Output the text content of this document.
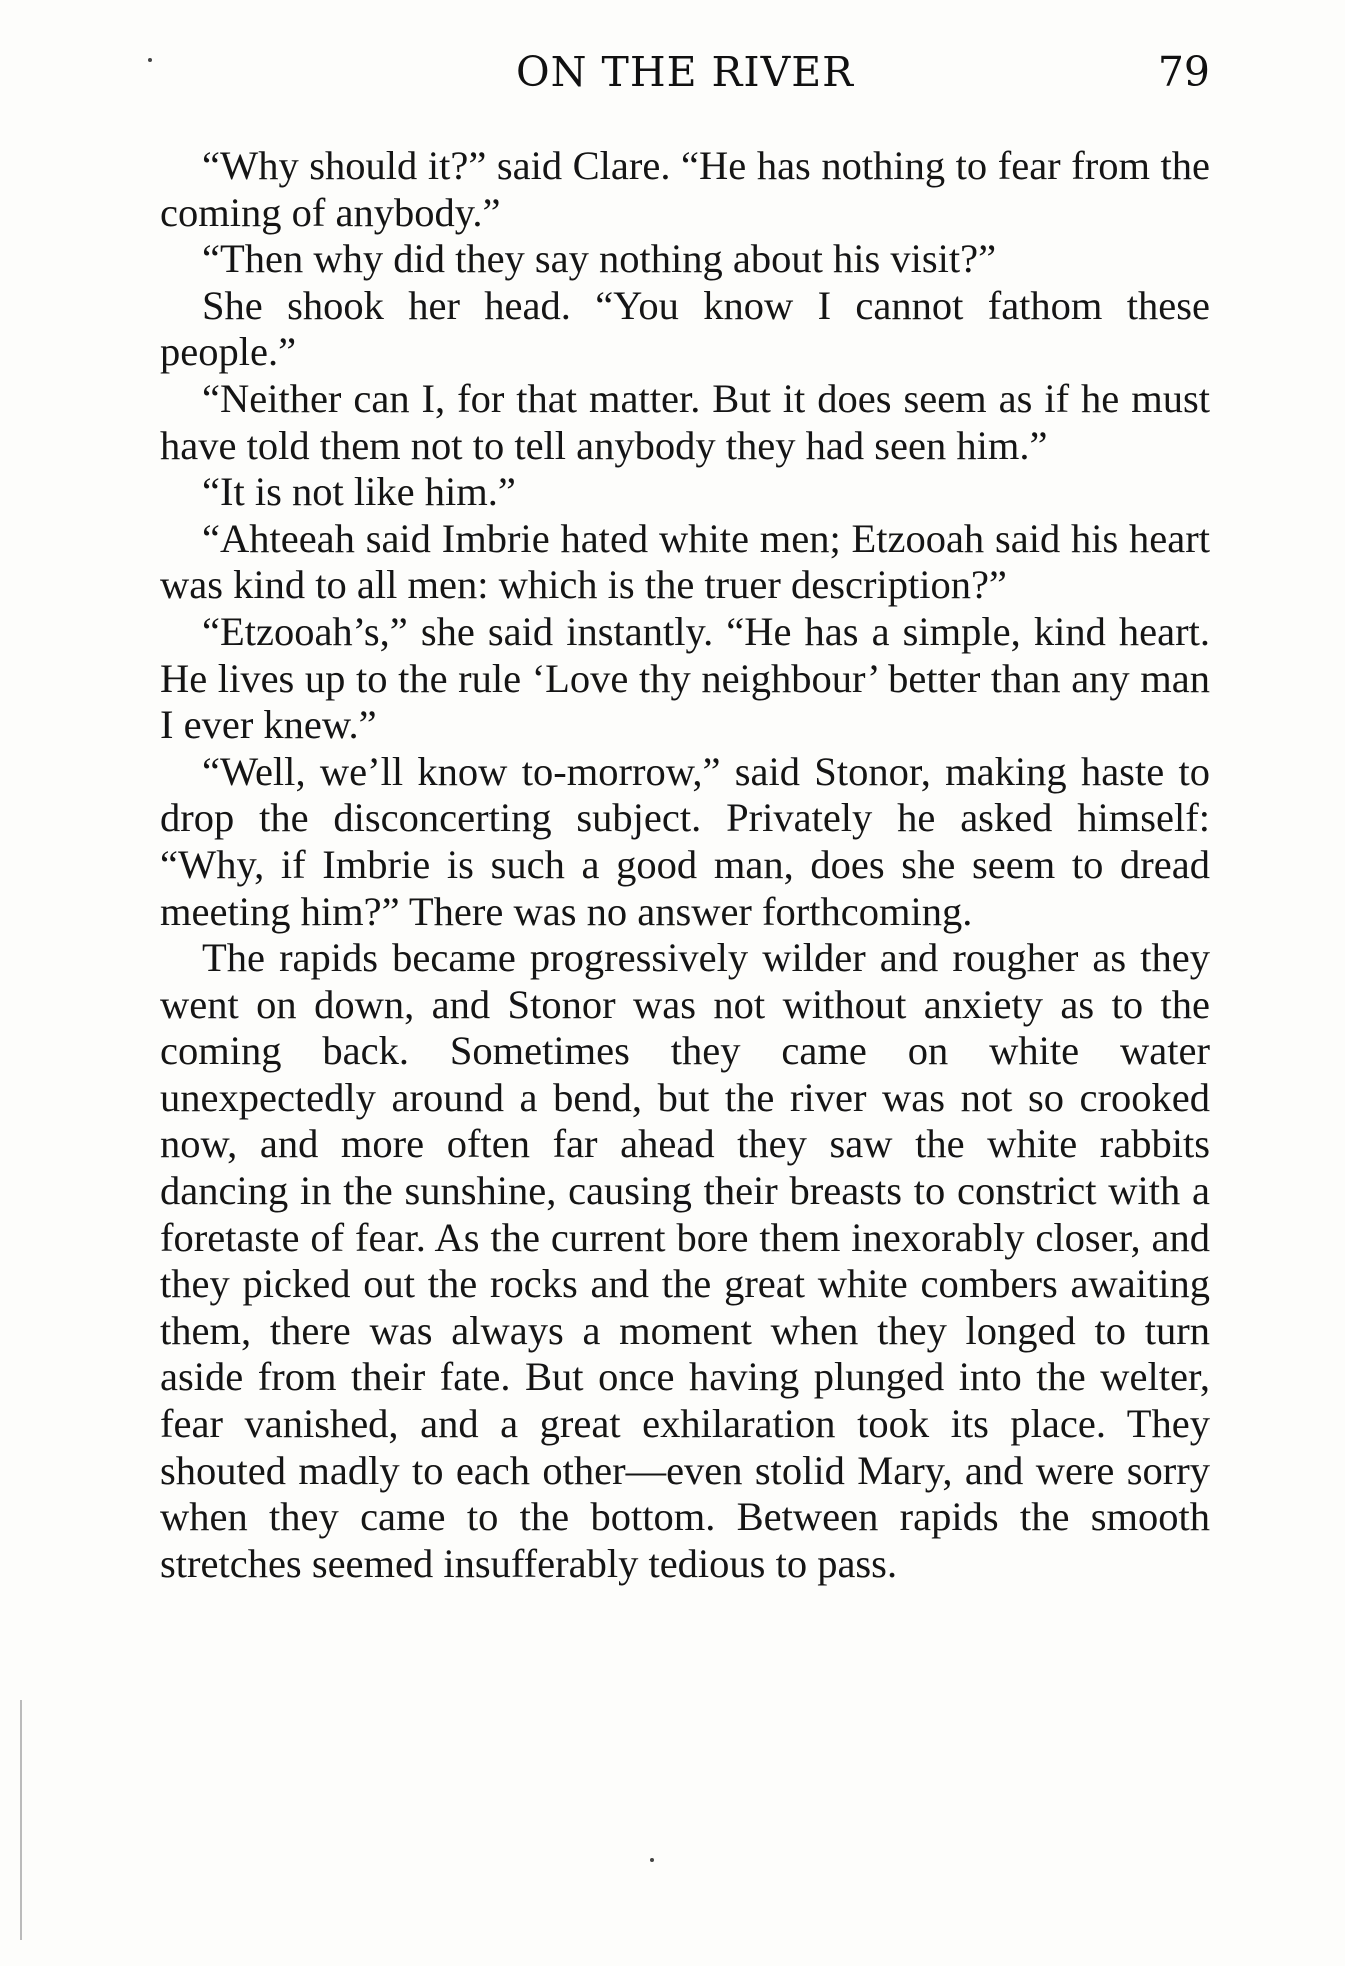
ON THE RIVER	79

“Why should it?” said Clare. “He has nothing to fear from the coming of anybody.”

“Then why did they say nothing about his visit?”

She shook her head. “You know I cannot fathom these people.”

“Neither can I, for that matter. But it does seem as if he must have told them not to tell anybody they had seen him.”

“It is not like him.”

“Ahteeah said Imbrie hated white men; Etzooah said his heart was kind to all men: which is the truer description?”

“Etzooah’s,” she said instantly. “He has a simple, kind heart. He lives up to the rule ‘Love thy neighbour’ better than any man I ever knew.”

“Well, we’ll know to-morrow,” said Stonor, making haste to drop the disconcerting subject. Privately he asked himself: “Why, if Imbrie is such a good man, does she seem to dread meeting him?” There was no answer forthcoming.

The rapids became progressively wilder and rougher as they went on down, and Stonor was not without anxiety as to the coming back. Sometimes they came on white water unexpectedly around a bend, but the river was not so crooked now, and more often far ahead they saw the white rabbits dancing in the sunshine, causing their breasts to constrict with a foretaste of fear. As the current bore them inexorably closer, and they picked out the rocks and the great white combers awaiting them, there was always a moment when they longed to turn aside from their fate. But once having plunged into the welter, fear vanished, and a great exhilaration took its place. They shouted madly to each other—even stolid Mary, and were sorry when they came to the bottom. Between rapids the smooth stretches seemed insufferably tedious to pass.
